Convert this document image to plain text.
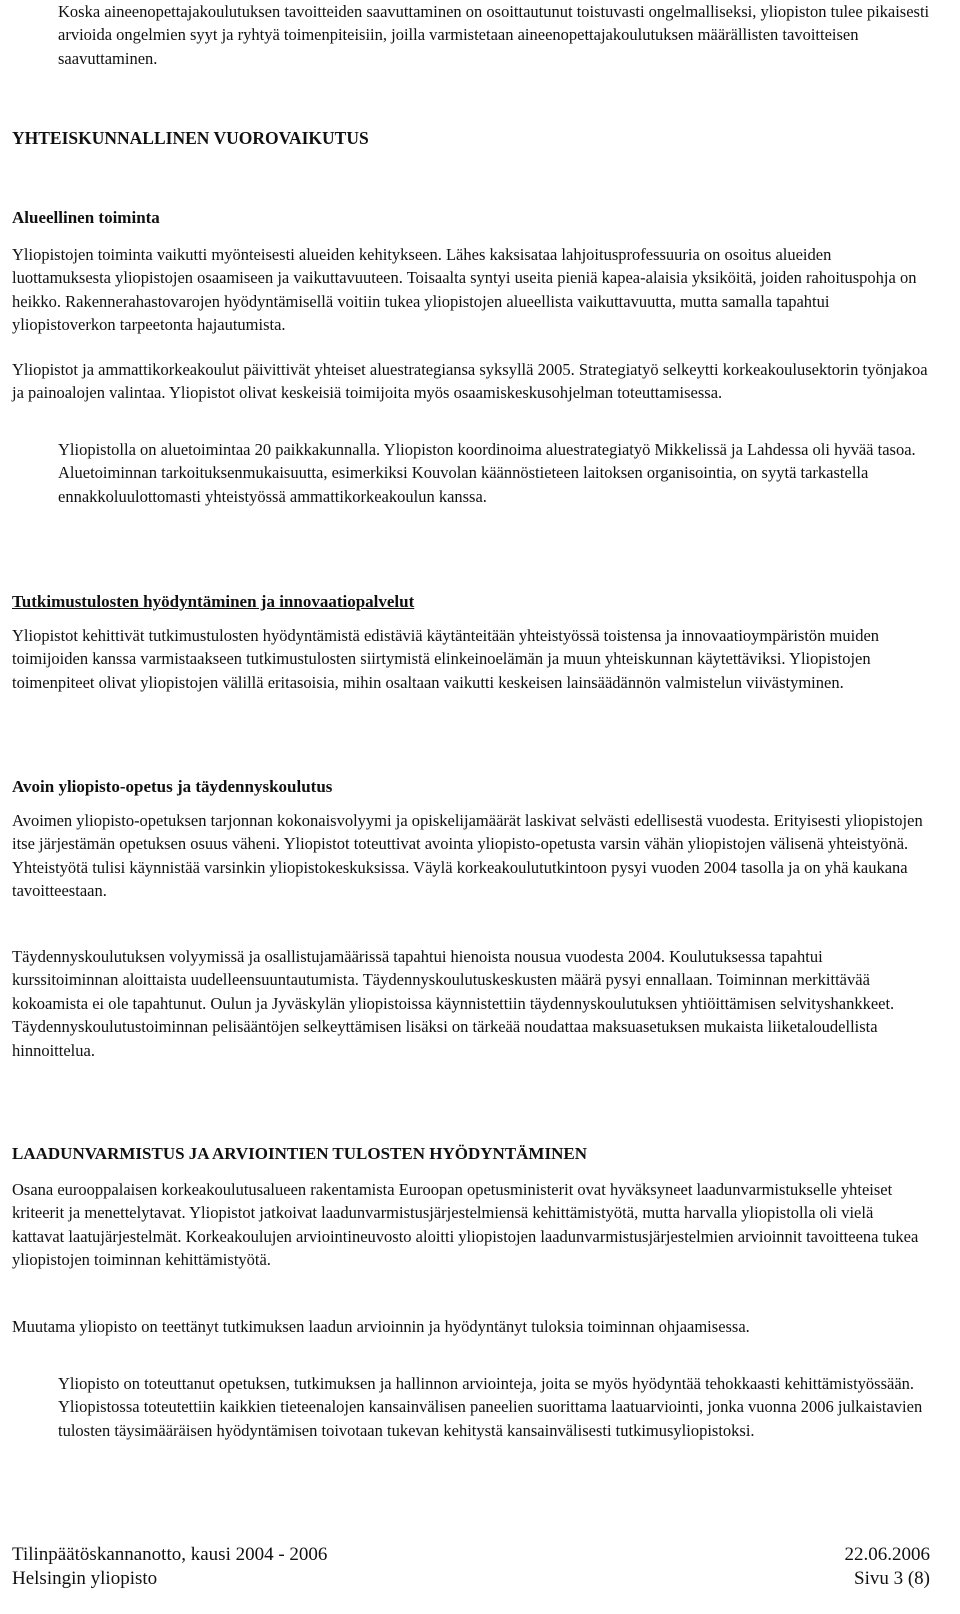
Koska aineenopettajakoulutuksen tavoitteiden saavuttaminen on osoittautunut toistuvasti ongelmalliseksi, yliopiston tulee pikaisesti arvioida ongelmien syyt ja ryhtyä toimenpiteisiin, joilla varmistetaan aineenopettajakoulutuksen määrällisten tavoitteisen saavuttaminen.

YHTEISKUNNALLINEN VUOROVAIKUTUS
Alueellinen toiminta

Yliopistojen toiminta vaikutti myönteisesti alueiden kehitykseen. Lähes kaksisataa lahjoitusprofessuuria on osoitus alueiden luottamuksesta yliopistojen osaamiseen ja vaikuttavuuteen. Toisaalta syntyi useita pieniä kapea-alaisia yksiköitä, joiden rahoituspohja on heikko. Rakennerahastovarojen hyödyntämisellä voitiin tukea yliopistojen alueellista vaikuttavuutta, mutta samalla tapahtui yliopistoverkon tarpeetonta hajautumista.

Yliopistot ja ammattikorkeakoulut päivittivät yhteiset aluestrategiansa syksyllä 2005. Strategiatyö selkeytti korkeakoulusektorin työnjakoa ja painoalojen valintaa. Yliopistot olivat keskeisiä toimijoita myös osaamiskeskusohjelman toteuttamisessa.

Yliopistolla on aluetoimintaa 20 paikkakunnalla. Yliopiston koordinoima aluestrategiatyö Mikkelissä ja Lahdessa oli hyvää tasoa. Aluetoiminnan tarkoituksenmukaisuutta, esimerkiksi Kouvolan käännöstieteen laitoksen organisointia, on syytä tarkastella ennakkoluulottomasti yhteistyössä ammattikorkeakoulun kanssa.

Tutkimustulosten hyödyntäminen ja innovaatiopalvelut

Yliopistot kehittivät tutkimustulosten hyödyntämistä edistäviä käytänteitään yhteistyössä toistensa ja innovaatioympäristön muiden toimijoiden kanssa varmistaakseen tutkimustulosten siirtymistä elinkeinoelämän ja muun yhteiskunnan käytettäviksi. Yliopistojen toimenpiteet olivat yliopistojen välillä eritasoisia, mihin osaltaan vaikutti keskeisen lainsäädännön valmistelun viivästyminen.

Avoin yliopisto-opetus ja täydennyskoulutus

Avoimen yliopisto-opetuksen tarjonnan kokonaisvolyymi ja opiskelijamäärät laskivat selvästi edellisestä vuodesta. Erityisesti yliopistojen itse järjestämän opetuksen osuus väheni. Yliopistot toteuttivat avointa yliopisto-opetusta varsin vähän yliopistojen välisenä yhteistyönä. Yhteistyötä tulisi käynnistää varsinkin yliopistokeskuksissa. Väylä korkeakoulututkintoon pysyi vuoden 2004 tasolla ja on yhä kaukana tavoitteestaan.

Täydennyskoulutuksen volyymissä ja osallistujamäärissä tapahtui hienoista nousua vuodesta 2004. Koulutuksessa tapahtui kurssitoiminnan aloittaista uudelleensuuntautumista. Täydennyskoulutuskeskusten määrä pysyi ennallaan. Toiminnan merkittävää kokoamista ei ole tapahtunut. Oulun ja Jyväskylän yliopistoissa käynnistettiin täydennyskoulutuksen yhtiöittämisen selvityshankkeet. Täydennyskoulutustoiminnan pelisääntöjen selkeyttämisen lisäksi on tärkeää noudattaa maksuasetuksen mukaista liiketaloudellista hinnoittelua.

LAADUNVARMISTUS JA ARVIOINTIEN TULOSTEN HYÖDYNTÄMINEN

Osana eurooppalaisen korkeakoulutusalueen rakentamista Euroopan opetusministerit ovat hyväksyneet laadunvarmistukselle yhteiset kriteerit ja menettelytavat. Yliopistot jatkoivat laadunvarmistusjärjestelmiensä kehittämistyötä, mutta harvalla yliopistolla oli vielä kattavat laatujärjestelmät. Korkeakoulujen arviointineuvosto aloitti yliopistojen laadunvarmistusjärjestelmien arvioinnit tavoitteena tukea yliopistojen toiminnan kehittämistyötä.

Muutama yliopisto on teettänyt tutkimuksen laadun arvioinnin ja hyödyntänyt tuloksia toiminnan ohjaamisessa.

Yliopisto on toteuttanut opetuksen, tutkimuksen ja hallinnon arviointeja, joita se myös hyödyntää tehokkaasti kehittämistyössään. Yliopistossa toteutettiin kaikkien tieteenalojen kansainvälisen paneelien suorittama laatuarviointi, jonka vuonna 2006 julkaistavien tulosten täysimääräisen hyödyntämisen toivotaan tukevan kehitystä kansainvälisesti tutkimusyliopistoksi.

Tilinpäätöskannanotto, kausi 2004 - 2006	22.06.2006
Helsingin yliopisto	Sivu 3 (8)
